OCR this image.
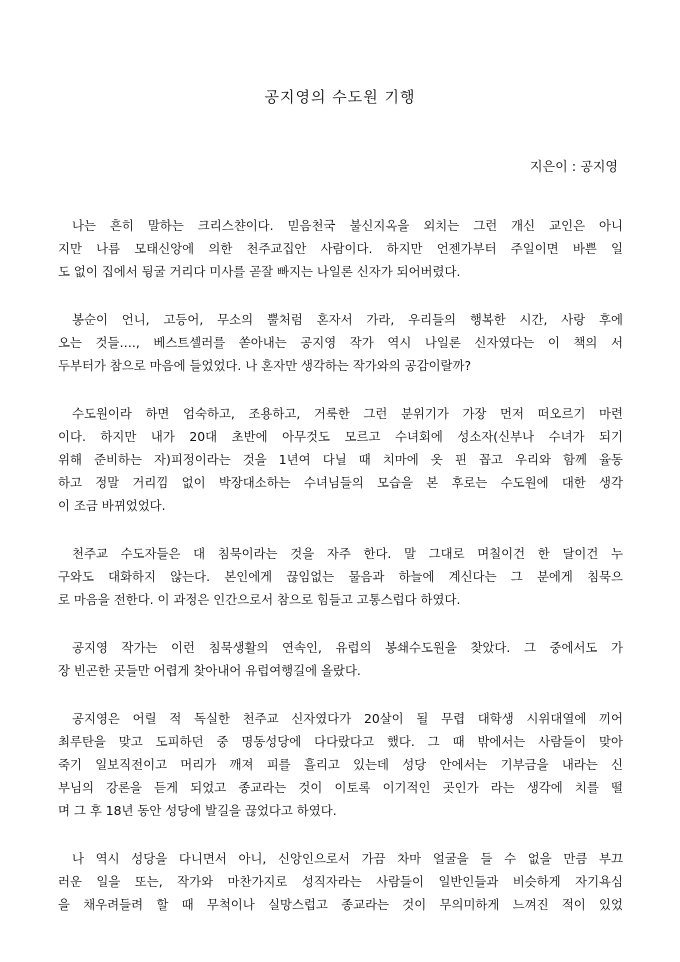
공지영의 수도원 기행
지은이 : 공지영
나는 흔히 말하는 크리스챤이다. 믿음천국 불신지옥을 외치는 그런 개신 교인은 아니
지만 나름 모태신앙에 의한 천주교집안 사람이다. 하지만 언젠가부터 주일이면 바쁜 일
도 없이 집에서 뒹굴 거리다 미사를 곧잘 빠지는 나일론 신자가 되어버렸다.
봉순이 언니, 고등어, 무소의 뿔처럼 혼자서 가라, 우리들의 행복한 시간, 사랑 후에
오는 것들…., 베스트셀러를 쏟아내는 공지영 작가 역시 나일론 신자였다는 이 책의 서
두부터가 참으로 마음에 들었었다. 나 혼자만 생각하는 작가와의 공감이랄까?
수도원이라 하면 엄숙하고, 조용하고, 거룩한 그런 분위기가 가장 먼저 떠오르기 마련
이다. 하지만 내가 20대 초반에 아무것도 모르고 수녀회에 성소자(신부나 수녀가 되기
위해 준비하는 자)피정이라는 것을 1년여 다닐 때 치마에 옷 핀 꼽고 우리와 함께 율동
하고 정말 거리낌 없이 박장대소하는 수녀님들의 모습을 본 후로는 수도원에 대한 생각
이 조금 바뀌었었다.
천주교 수도자들은 대 침묵이라는 것을 자주 한다. 말 그대로 며칠이건 한 달이건 누
구와도 대화하지 않는다. 본인에게 끊임없는 물음과 하늘에 계신다는 그 분에게 침묵으
로 마음을 전한다. 이 과정은 인간으로서 참으로 힘들고 고통스럽다 하였다.
공지영 작가는 이런 침묵생활의 연속인, 유럽의 봉쇄수도원을 찾았다. 그 중에서도 가
장 빈곤한 곳들만 어렵게 찾아내어 유럽여행길에 올랐다.
공지영은 어릴 적 독실한 천주교 신자였다가 20살이 될 무렵 대학생 시위대열에 끼어
최루탄을 맞고 도피하던 중 명동성당에 다다랐다고 했다. 그 때 밖에서는 사람들이 맞아
죽기 일보직전이고 머리가 깨져 피를 흘리고 있는데 성당 안에서는 기부금을 내라는 신
부님의 강론을 듣게 되었고 종교라는 것이 이토록 이기적인 곳인가 라는 생각에 치를 떨
며 그 후 18년 동안 성당에 발길을 끊었다고 하였다.
나 역시 성당을 다니면서 아니, 신앙인으로서 가끔 차마 얼굴을 들 수 없을 만큼 부끄
러운 일을 또는, 작가와 마찬가지로 성직자라는 사람들이 일반인들과 비슷하게 자기욕심
을 채우려들려 할 때 무척이나 실망스럽고 종교라는 것이 무의미하게 느껴진 적이 있었
